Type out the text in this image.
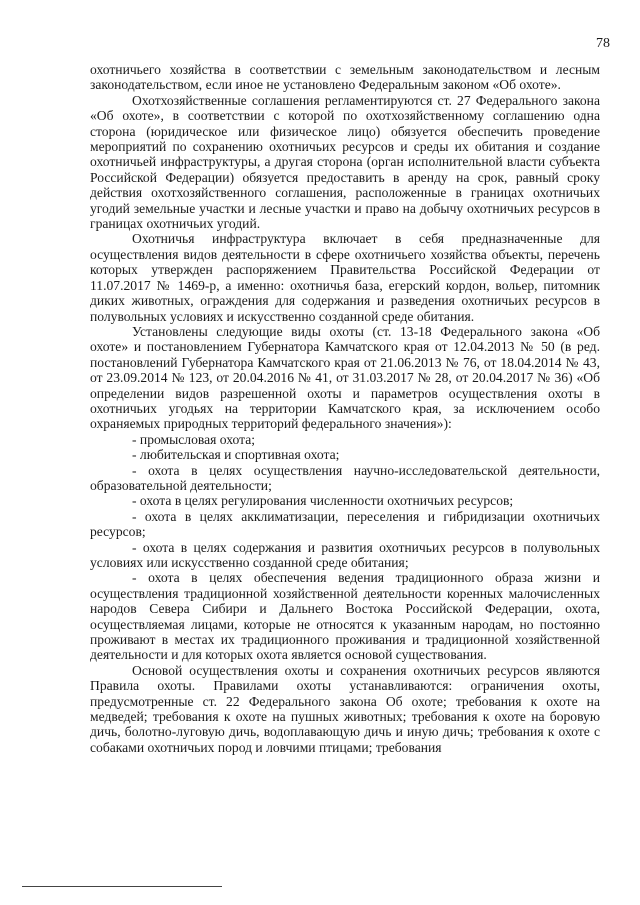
78

охотничьего хозяйства в соответствии с земельным законодательством и лесным законодательством, если иное не установлено Федеральным законом «Об охоте».

Охотхозяйственные соглашения регламентируются ст. 27 Федерального закона «Об охоте», в соответствии с которой по охотхозяйственному соглашению одна сторона (юридическое или физическое лицо) обязуется обеспечить проведение мероприятий по сохранению охотничьих ресурсов и среды их обитания и создание охотничьей инфраструктуры, а другая сторона (орган исполнительной власти субъекта Российской Федерации) обязуется предоставить в аренду на срок, равный сроку действия охотхозяйственного соглашения, расположенные в границах охотничьих угодий земельные участки и лесные участки и право на добычу охотничьих ресурсов в границах охотничьих угодий.

Охотничья инфраструктура включает в себя предназначенные для осуществления видов деятельности в сфере охотничьего хозяйства объекты, перечень которых утвержден распоряжением Правительства Российской Федерации от 11.07.2017 № 1469-р, а именно: охотничья база, егерский кордон, вольер, питомник диких животных, ограждения для содержания и разведения охотничьих ресурсов в полувольных условиях и искусственно созданной среде обитания.

Установлены следующие виды охоты (ст. 13-18 Федерального закона «Об охоте» и постановлением Губернатора Камчатского края от 12.04.2013 № 50 (в ред. постановлений Губернатора Камчатского края от 21.06.2013 № 76, от 18.04.2014 № 43, от 23.09.2014 № 123, от 20.04.2016 № 41, от 31.03.2017 № 28, от 20.04.2017 № 36) «Об определении видов разрешенной охоты и параметров осуществления охоты в охотничьих угодьях на территории Камчатского края, за исключением особо охраняемых природных территорий федерального значения»):

- промысловая охота;

- любительская и спортивная охота;

- охота в целях осуществления научно-исследовательской деятельности, образовательной деятельности;

- охота в целях регулирования численности охотничьих ресурсов;

- охота в целях акклиматизации, переселения и гибридизации охотничьих ресурсов;

- охота в целях содержания и развития охотничьих ресурсов в полувольных условиях или искусственно созданной среде обитания;

- охота в целях обеспечения ведения традиционного образа жизни и осуществления традиционной хозяйственной деятельности коренных малочисленных народов Севера Сибири и Дальнего Востока Российской Федерации, охота, осуществляемая лицами, которые не относятся к указанным народам, но постоянно проживают в местах их традиционного проживания и традиционной хозяйственной деятельности и для которых охота является основой существования.

Основой осуществления охоты и сохранения охотничьих ресурсов являются Правила охоты. Правилами охоты устанавливаются: ограничения охоты, предусмотренные ст. 22 Федерального закона Об охоте; требования к охоте на медведей; требования к охоте на пушных животных; требования к охоте на боровую дичь, болотно-луговую дичь, водоплавающую дичь и иную дичь; требования к охоте с собаками охотничьих пород и ловчими птицами; требования
